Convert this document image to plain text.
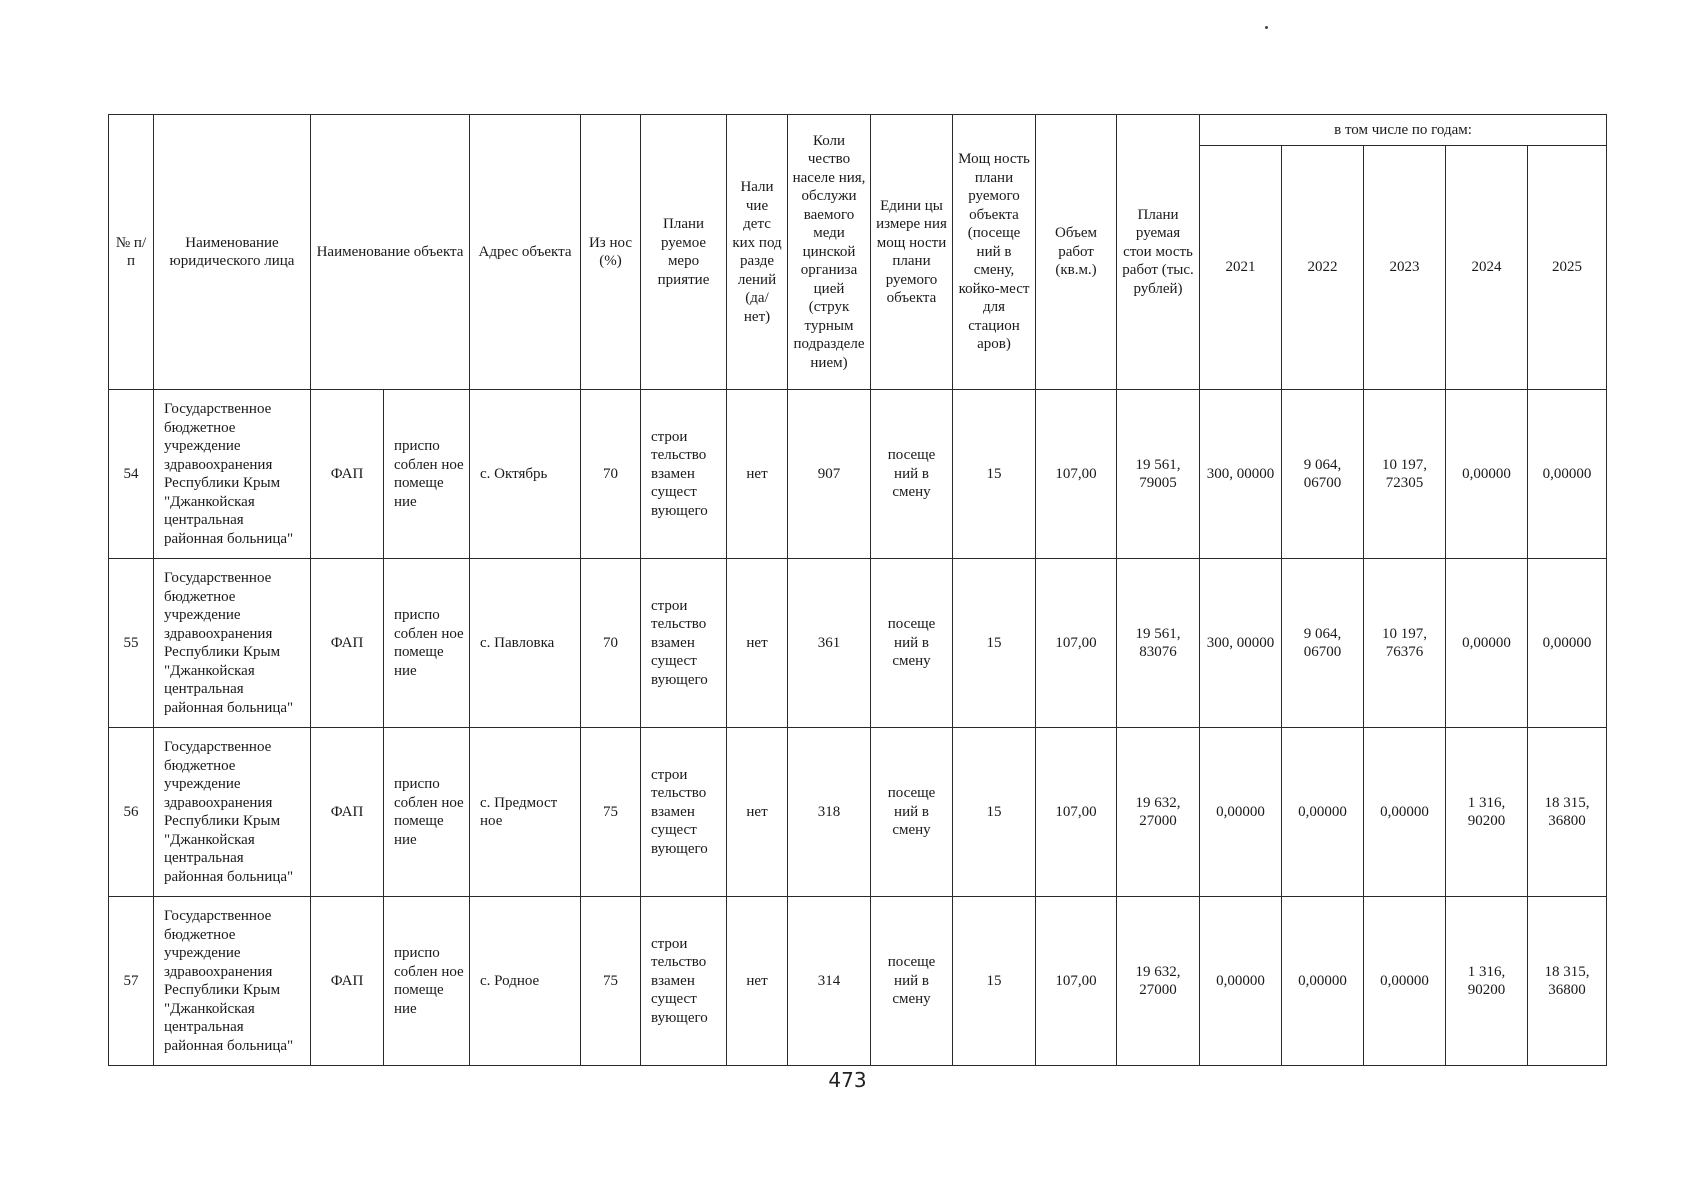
№ п/п	Наименование юридического лица	Наименование объекта		Адрес объекта	Из нос (%)	Плани руемое меро приятие	Нали чие детс ких под разде лений (да/ нет)	Коли чество населе ния, обслужи ваемого меди цинской организа цией (струк турным подразделе нием)	Едини цы измере ния мощ ности плани руемого объекта	Мощ ность плани руемого объекта (посеще ний в смену, койко-мест для стацион аров)	Объем работ (кв.м.)	Плани руемая стои мость работ (тыс. рублей)	в том числе по годам:				
													2021	2022	2023	2024	2025
54	Государственное бюджетное учреждение здравоохранения Республики Крым "Джанкойская центральная районная больница"	ФАП	приспо соблен ное помеще ние	с. Октябрь	70	строи тельство взамен сущест вующего	нет	907	посеще ний в смену	15	107,00	19 561, 79005	300, 00000	9 064, 06700	10 197, 72305	0,00000	0,00000
55	Государственное бюджетное учреждение здравоохранения Республики Крым "Джанкойская центральная районная больница"	ФАП	приспо соблен ное помеще ние	с. Павловка	70	строи тельство взамен сущест вующего	нет	361	посеще ний в смену	15	107,00	19 561, 83076	300, 00000	9 064, 06700	10 197, 76376	0,00000	0,00000
56	Государственное бюджетное учреждение здравоохранения Республики Крым "Джанкойская центральная районная больница"	ФАП	приспо соблен ное помеще ние	с. Предмост ное	75	строи тельство взамен сущест вующего	нет	318	посеще ний в смену	15	107,00	19 632, 27000	0,00000	0,00000	0,00000	1 316, 90200	18 315, 36800
57	Государственное бюджетное учреждение здравоохранения Республики Крым "Джанкойская центральная районная больница"	ФАП	приспо соблен ное помеще ние	с. Родное	75	строи тельство взамен сущест вующего	нет	314	посеще ний в смену	15	107,00	19 632, 27000	0,00000	0,00000	0,00000	1 316, 90200	18 315, 36800
473
